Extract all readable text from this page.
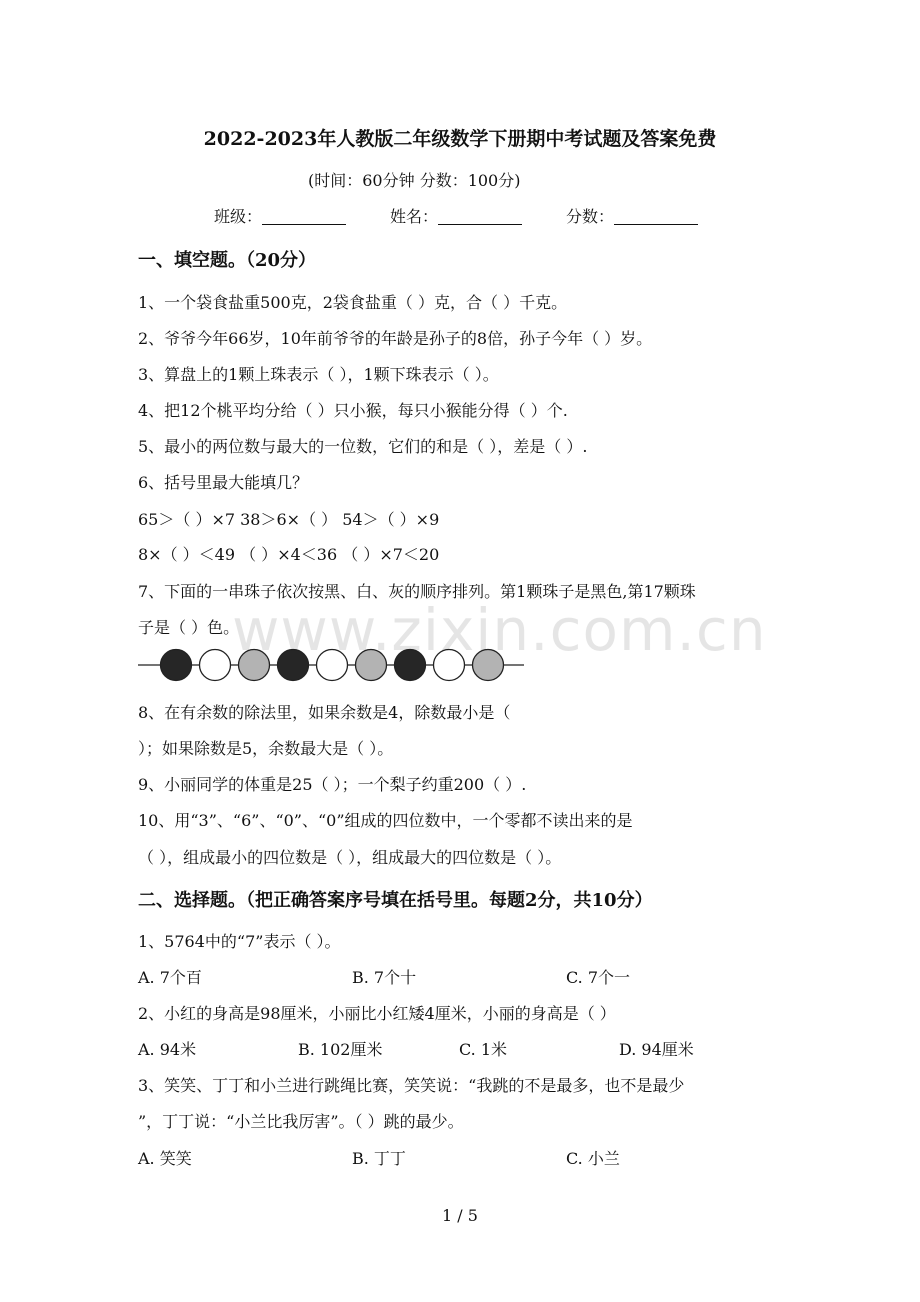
2022-2023年人教版二年级数学下册期中考试题及答案免费
(时间：60分钟 分数：100分)
班级：	姓名：	分数：
一、填空题。（20分）
1、一个袋食盐重500克，2袋食盐重（ ）克，合（ ）千克。
2、爷爷今年66岁，10年前爷爷的年龄是孙子的8倍，孙子今年（ ）岁。
3、算盘上的1颗上珠表示（ ），1颗下珠表示（ ）。
4、把12个桃平均分给（ ）只小猴，每只小猴能分得（ ）个.
5、最小的两位数与最大的一位数，它们的和是（ ），差是（ ）.
6、括号里最大能填几？
65＞（ ）×7 38＞6×（ ） 54＞（ ）×9
8×（ ）＜49 （ ）×4＜36 （ ）×7＜20
7、下面的一串珠子依次按黑、白、灰的顺序排列。第1颗珠子是黑色,第17颗珠
子是（ ）色。
8、在有余数的除法里，如果余数是4，除数最小是（
）；如果除数是5，余数最大是（ ）。
9、小丽同学的体重是25（ ）；一个梨子约重200（ ）.
10、用“3”、“6”、“0”、“0”组成的四位数中，一个零都不读出来的是
（ ），组成最小的四位数是（ ），组成最大的四位数是（ ）。
二、选择题。（把正确答案序号填在括号里。每题2分，共10分）
1、5764中的“7”表示（ ）。
A. 7个百	B. 7个十	C. 7个一
2、小红的身高是98厘米，小丽比小红矮4厘米，小丽的身高是（ ）
A. 94米	B. 102厘米	C. 1米	D. 94厘米
3、笑笑、丁丁和小兰进行跳绳比赛，笑笑说：“我跳的不是最多，也不是最少
”，丁丁说：“小兰比我厉害”。（ ）跳的最少。
A. 笑笑	B. 丁丁	C. 小兰
www.zixin.com.cn
1 / 5
